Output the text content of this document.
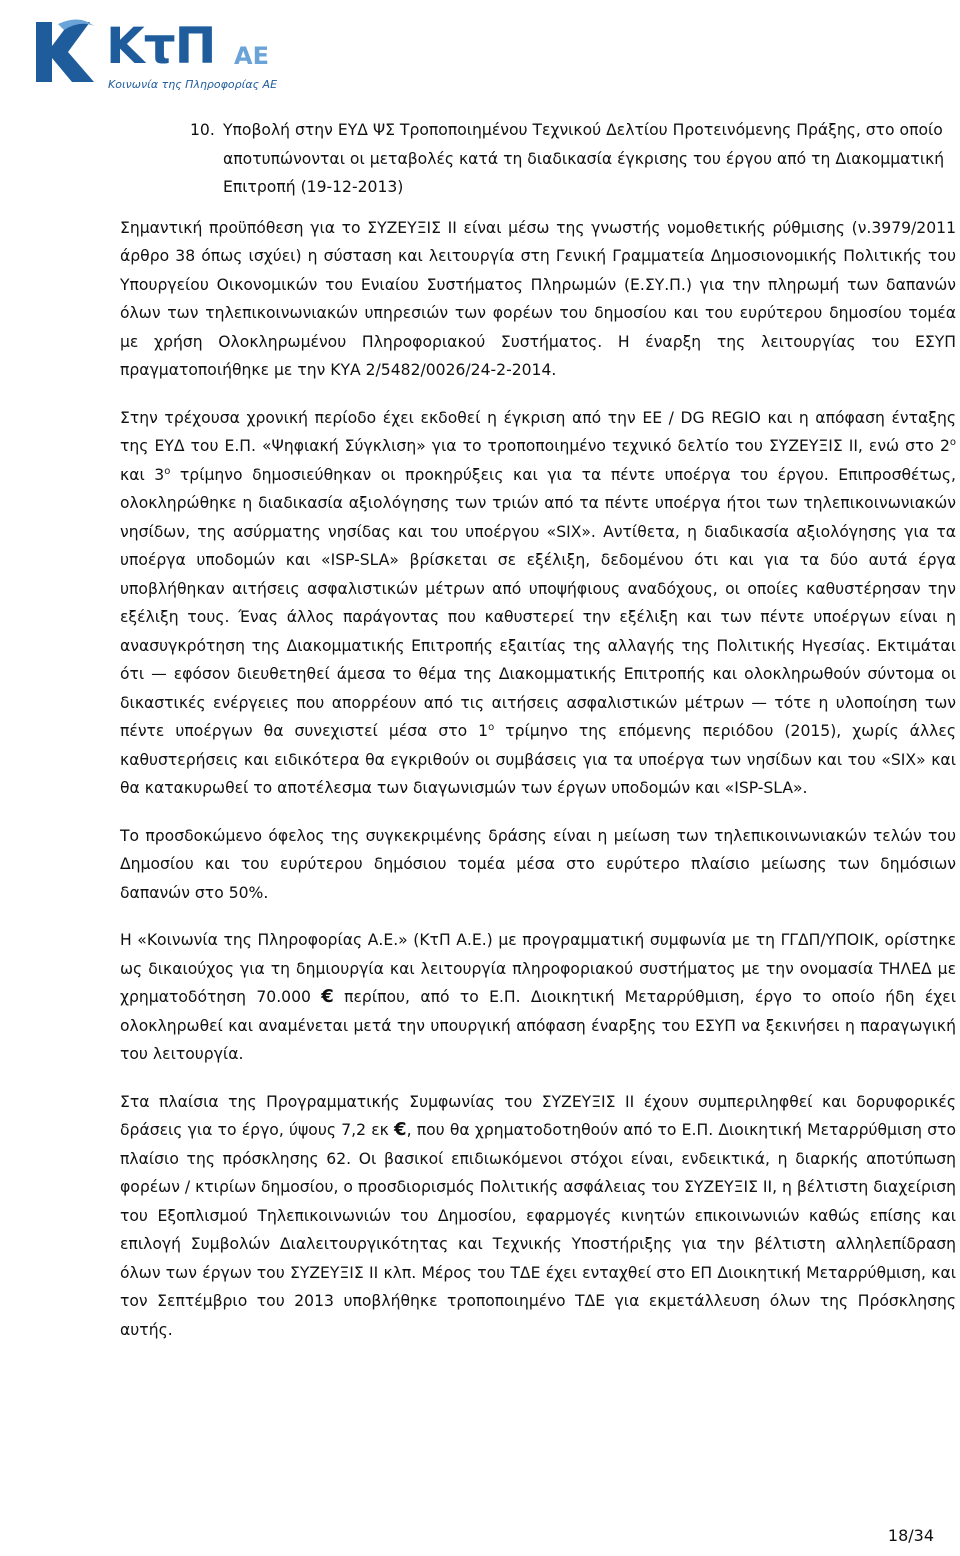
ΚτΠ ΑΕ
Κοινωνία της Πληροφορίας ΑΕ
10. Υποβολή στην ΕΥΔ ΨΣ Τροποποιημένου Τεχνικού Δελτίου Προτεινόμενης Πράξης, στο οποίο αποτυπώνονται οι μεταβολές κατά τη διαδικασία έγκρισης του έργου από τη Διακομματική Επιτροπή (19-12-2013)

Σημαντική προϋπόθεση για το ΣΥΖΕΥΞΙΣ ΙΙ είναι μέσω της γνωστής νομοθετικής ρύθμισης (ν.3979/2011 άρθρο 38 όπως ισχύει) η σύσταση και λειτουργία στη Γενική Γραμματεία Δημοσιονομικής Πολιτικής του Υπουργείου Οικονομικών του Ενιαίου Συστήματος Πληρωμών (Ε.ΣΥ.Π.) για την πληρωμή των δαπανών όλων των τηλεπικοινωνιακών υπηρεσιών των φορέων του δημοσίου και του ευρύτερου δημοσίου τομέα με χρήση Ολοκληρωμένου Πληροφοριακού Συστήματος. Η έναρξη της λειτουργίας του ΕΣΥΠ πραγματοποιήθηκε με την ΚΥΑ 2/5482/0026/24-2-2014.

Στην τρέχουσα χρονική περίοδο έχει εκδοθεί η έγκριση από την ΕΕ / DG REGIO και η απόφαση ένταξης της ΕΥΔ του Ε.Π. «Ψηφιακή Σύγκλιση» για το τροποποιημένο τεχνικό δελτίο του ΣΥΖΕΥΞΙΣ ΙΙ, ενώ στο $2^o$ και $3^o$ τρίμηνο δημοσιεύθηκαν οι προκηρύξεις και για τα πέντε υποέργα του έργου. Επιπροσθέτως, ολοκληρώθηκε η διαδικασία αξιολόγησης των τριών από τα πέντε υποέργα ήτοι των τηλεπικοινωνιακών νησίδων, της ασύρματης νησίδας και του υποέργου «SIX». Αντίθετα, η διαδικασία αξιολόγησης για τα υποέργα υποδομών και «ISP-SLA» βρίσκεται σε εξέλιξη, δεδομένου ότι και για τα δύο αυτά έργα υποβλήθηκαν αιτήσεις ασφαλιστικών μέτρων από υποψήφιους αναδόχους, οι οποίες καθυστέρησαν την εξέλιξη τους. Ένας άλλος παράγοντας που καθυστερεί την εξέλιξη και των πέντε υποέργων είναι η ανασυγκρότηση της Διακομματικής Επιτροπής εξαιτίας της αλλαγής της Πολιτικής Ηγεσίας. Εκτιμάται ότι — εφόσον διευθετηθεί άμεσα το θέμα της Διακομματικής Επιτροπής και ολοκληρωθούν σύντομα οι δικαστικές ενέργειες που απορρέουν από τις αιτήσεις ασφαλιστικών μέτρων — τότε η υλοποίηση των πέντε υποέργων θα συνεχιστεί μέσα στο $1^o$ τρίμηνο της επόμενης περιόδου (2015), χωρίς άλλες καθυστερήσεις και ειδικότερα θα εγκριθούν οι συμβάσεις για τα υποέργα των νησίδων και του «SIX» και θα κατακυρωθεί το αποτέλεσμα των διαγωνισμών των έργων υποδομών και «ISP-SLA».

Το προσδοκώμενο όφελος της συγκεκριμένης δράσης είναι η μείωση των τηλεπικοινωνιακών τελών του Δημοσίου και του ευρύτερου δημόσιου τομέα μέσα στο ευρύτερο πλαίσιο μείωσης των δημόσιων δαπανών στο 50%.

Η «Κοινωνία της Πληροφορίας Α.Ε.» (ΚτΠ Α.Ε.) με προγραμματική συμφωνία με τη ΓΓΔΠ/ΥΠΟΙΚ, ορίστηκε ως δικαιούχος για τη δημιουργία και λειτουργία πληροφοριακού συστήματος με την ονομασία ΤΗΛΕΔ με χρηματοδότηση 70.000 € περίπου, από το Ε.Π. Διοικητική Μεταρρύθμιση, έργο το οποίο ήδη έχει ολοκληρωθεί και αναμένεται μετά την υπουργική απόφαση έναρξης του ΕΣΥΠ να ξεκινήσει η παραγωγική του λειτουργία.

Στα πλαίσια της Προγραμματικής Συμφωνίας του ΣΥΖΕΥΞΙΣ ΙΙ έχουν συμπεριληφθεί και δορυφορικές δράσεις για το έργο, ύψους 7,2 εκ €, που θα χρηματοδοτηθούν από το Ε.Π. Διοικητική Μεταρρύθμιση στο πλαίσιο της πρόσκλησης 62. Οι βασικοί επιδιωκόμενοι στόχοι είναι, ενδεικτικά, η διαρκής αποτύπωση φορέων / κτιρίων δημοσίου, ο προσδιορισμός Πολιτικής ασφάλειας του ΣΥΖΕΥΞΙΣ ΙΙ, η βέλτιστη διαχείριση του Εξοπλισμού Τηλεπικοινωνιών του Δημοσίου, εφαρμογές κινητών επικοινωνιών καθώς επίσης και επιλογή Συμβολών Διαλειτουργικότητας και Τεχνικής Υποστήριξης για την βέλτιστη αλληλεπίδραση όλων των έργων του ΣΥΖΕΥΞΙΣ ΙΙ κλπ. Μέρος του ΤΔΕ έχει ενταχθεί στο ΕΠ Διοικητική Μεταρρύθμιση, και τον Σεπτέμβριο του 2013 υποβλήθηκε τροποποιημένο ΤΔΕ για εκμετάλλευση όλων της Πρόσκλησης αυτής.

18/34
